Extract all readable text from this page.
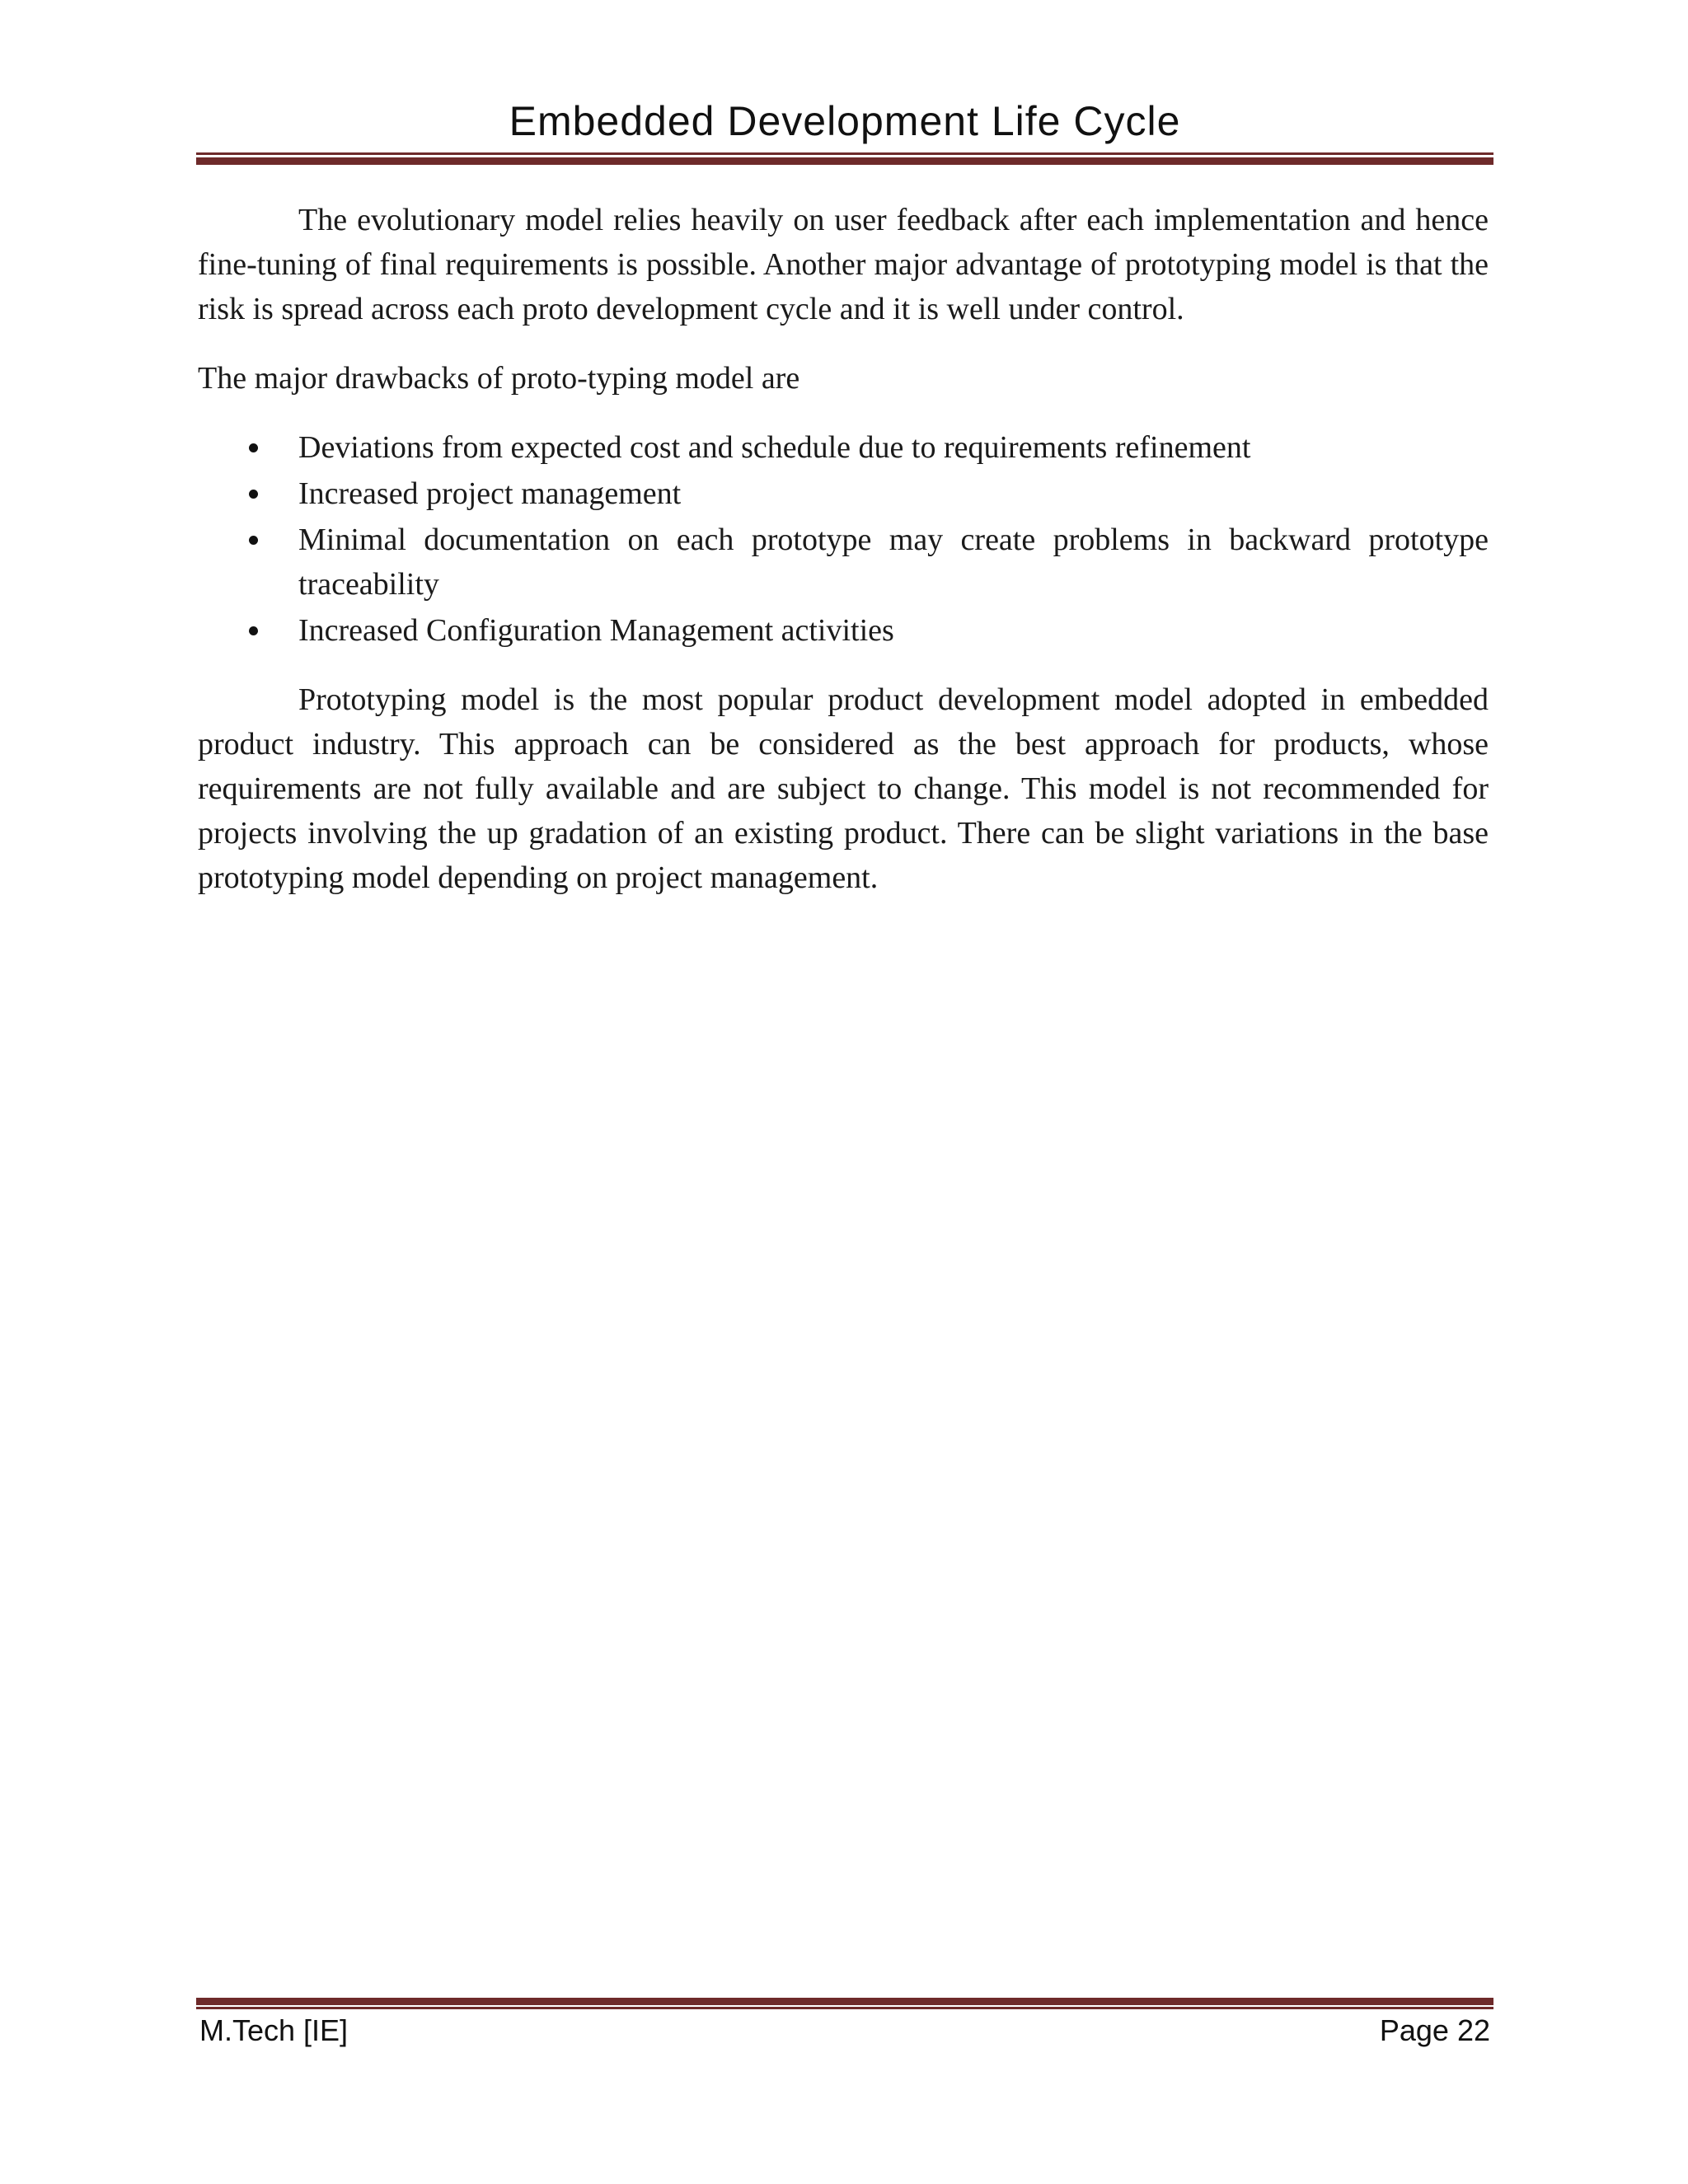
Embedded Development Life Cycle

The evolutionary model relies heavily on user feedback after each implementation and hence fine-tuning of final requirements is possible. Another major advantage of prototyping model is that the risk is spread across each proto development cycle and it is well under control.

The major drawbacks of proto-typing model are

Deviations from expected cost and schedule due to requirements refinement
Increased project management
Minimal documentation on each prototype may create problems in backward prototype traceability
Increased Configuration Management activities

Prototyping model is the most popular product development model adopted in embedded product industry. This approach can be considered as the best approach for products, whose requirements are not fully available and are subject to change. This model is not recommended for projects involving the up gradation of an existing product. There can be slight variations in the base prototyping model depending on project management.

M.Tech [IE]	Page 22
